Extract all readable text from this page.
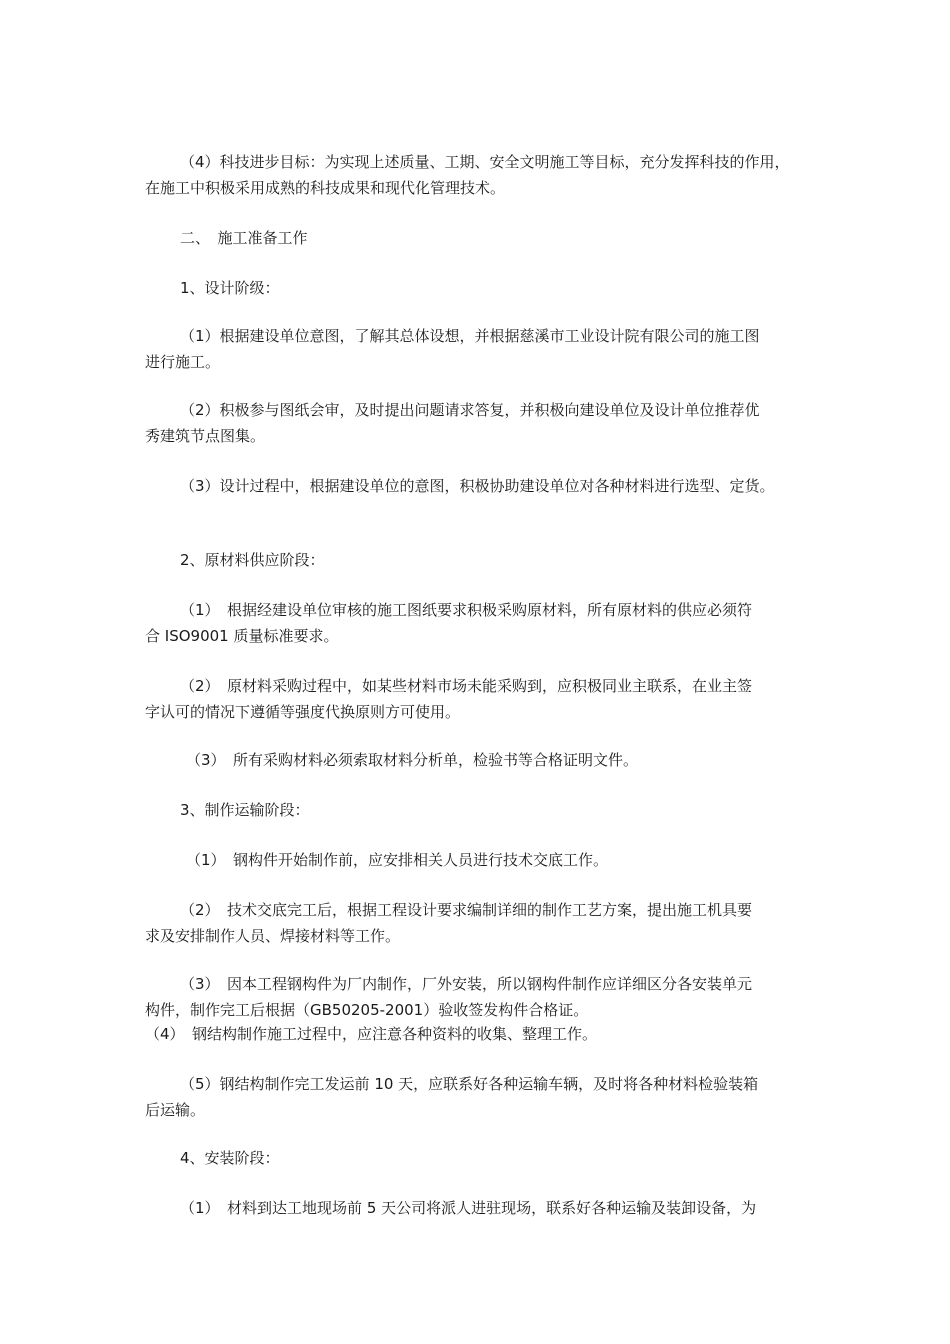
（4）科技进步目标：为实现上述质量、工期、安全文明施工等目标，充分发挥科技的作用，
在施工中积极采用成熟的科技成果和现代化管理技术。
二、　施工准备工作
1、设计阶级：
（1）根据建设单位意图，了解其总体设想，并根据慈溪市工业设计院有限公司的施工图
进行施工。
（2）积极参与图纸会审，及时提出问题请求答复，并积极向建设单位及设计单位推荐优
秀建筑节点图集。
（3）设计过程中，根据建设单位的意图，积极协助建设单位对各种材料进行选型、定货。
2、原材料供应阶段：
（1）　根据经建设单位审核的施工图纸要求积极采购原材料，所有原材料的供应必须符
合 ISO9001 质量标准要求。
（2）　原材料采购过程中，如某些材料市场未能采购到，应积极同业主联系，在业主签
字认可的情况下遵循等强度代换原则方可使用。
（3）　所有采购材料必须索取材料分析单，检验书等合格证明文件。
3、制作运输阶段：
（1）　钢构件开始制作前，应安排相关人员进行技术交底工作。
（2）　技术交底完工后，根据工程设计要求编制详细的制作工艺方案，提出施工机具要
求及安排制作人员、焊接材料等工作。
（3）　因本工程钢构件为厂内制作，厂外安装，所以钢构件制作应详细区分各安装单元
构件，制作完工后根据（GB50205-2001）验收签发构件合格证。
（4）　钢结构制作施工过程中，应注意各种资料的收集、整理工作。
（5）钢结构制作完工发运前 10 天，应联系好各种运输车辆，及时将各种材料检验装箱
后运输。
4、安装阶段：
（1）　材料到达工地现场前 5 天公司将派人进驻现场，联系好各种运输及装卸设备，为
